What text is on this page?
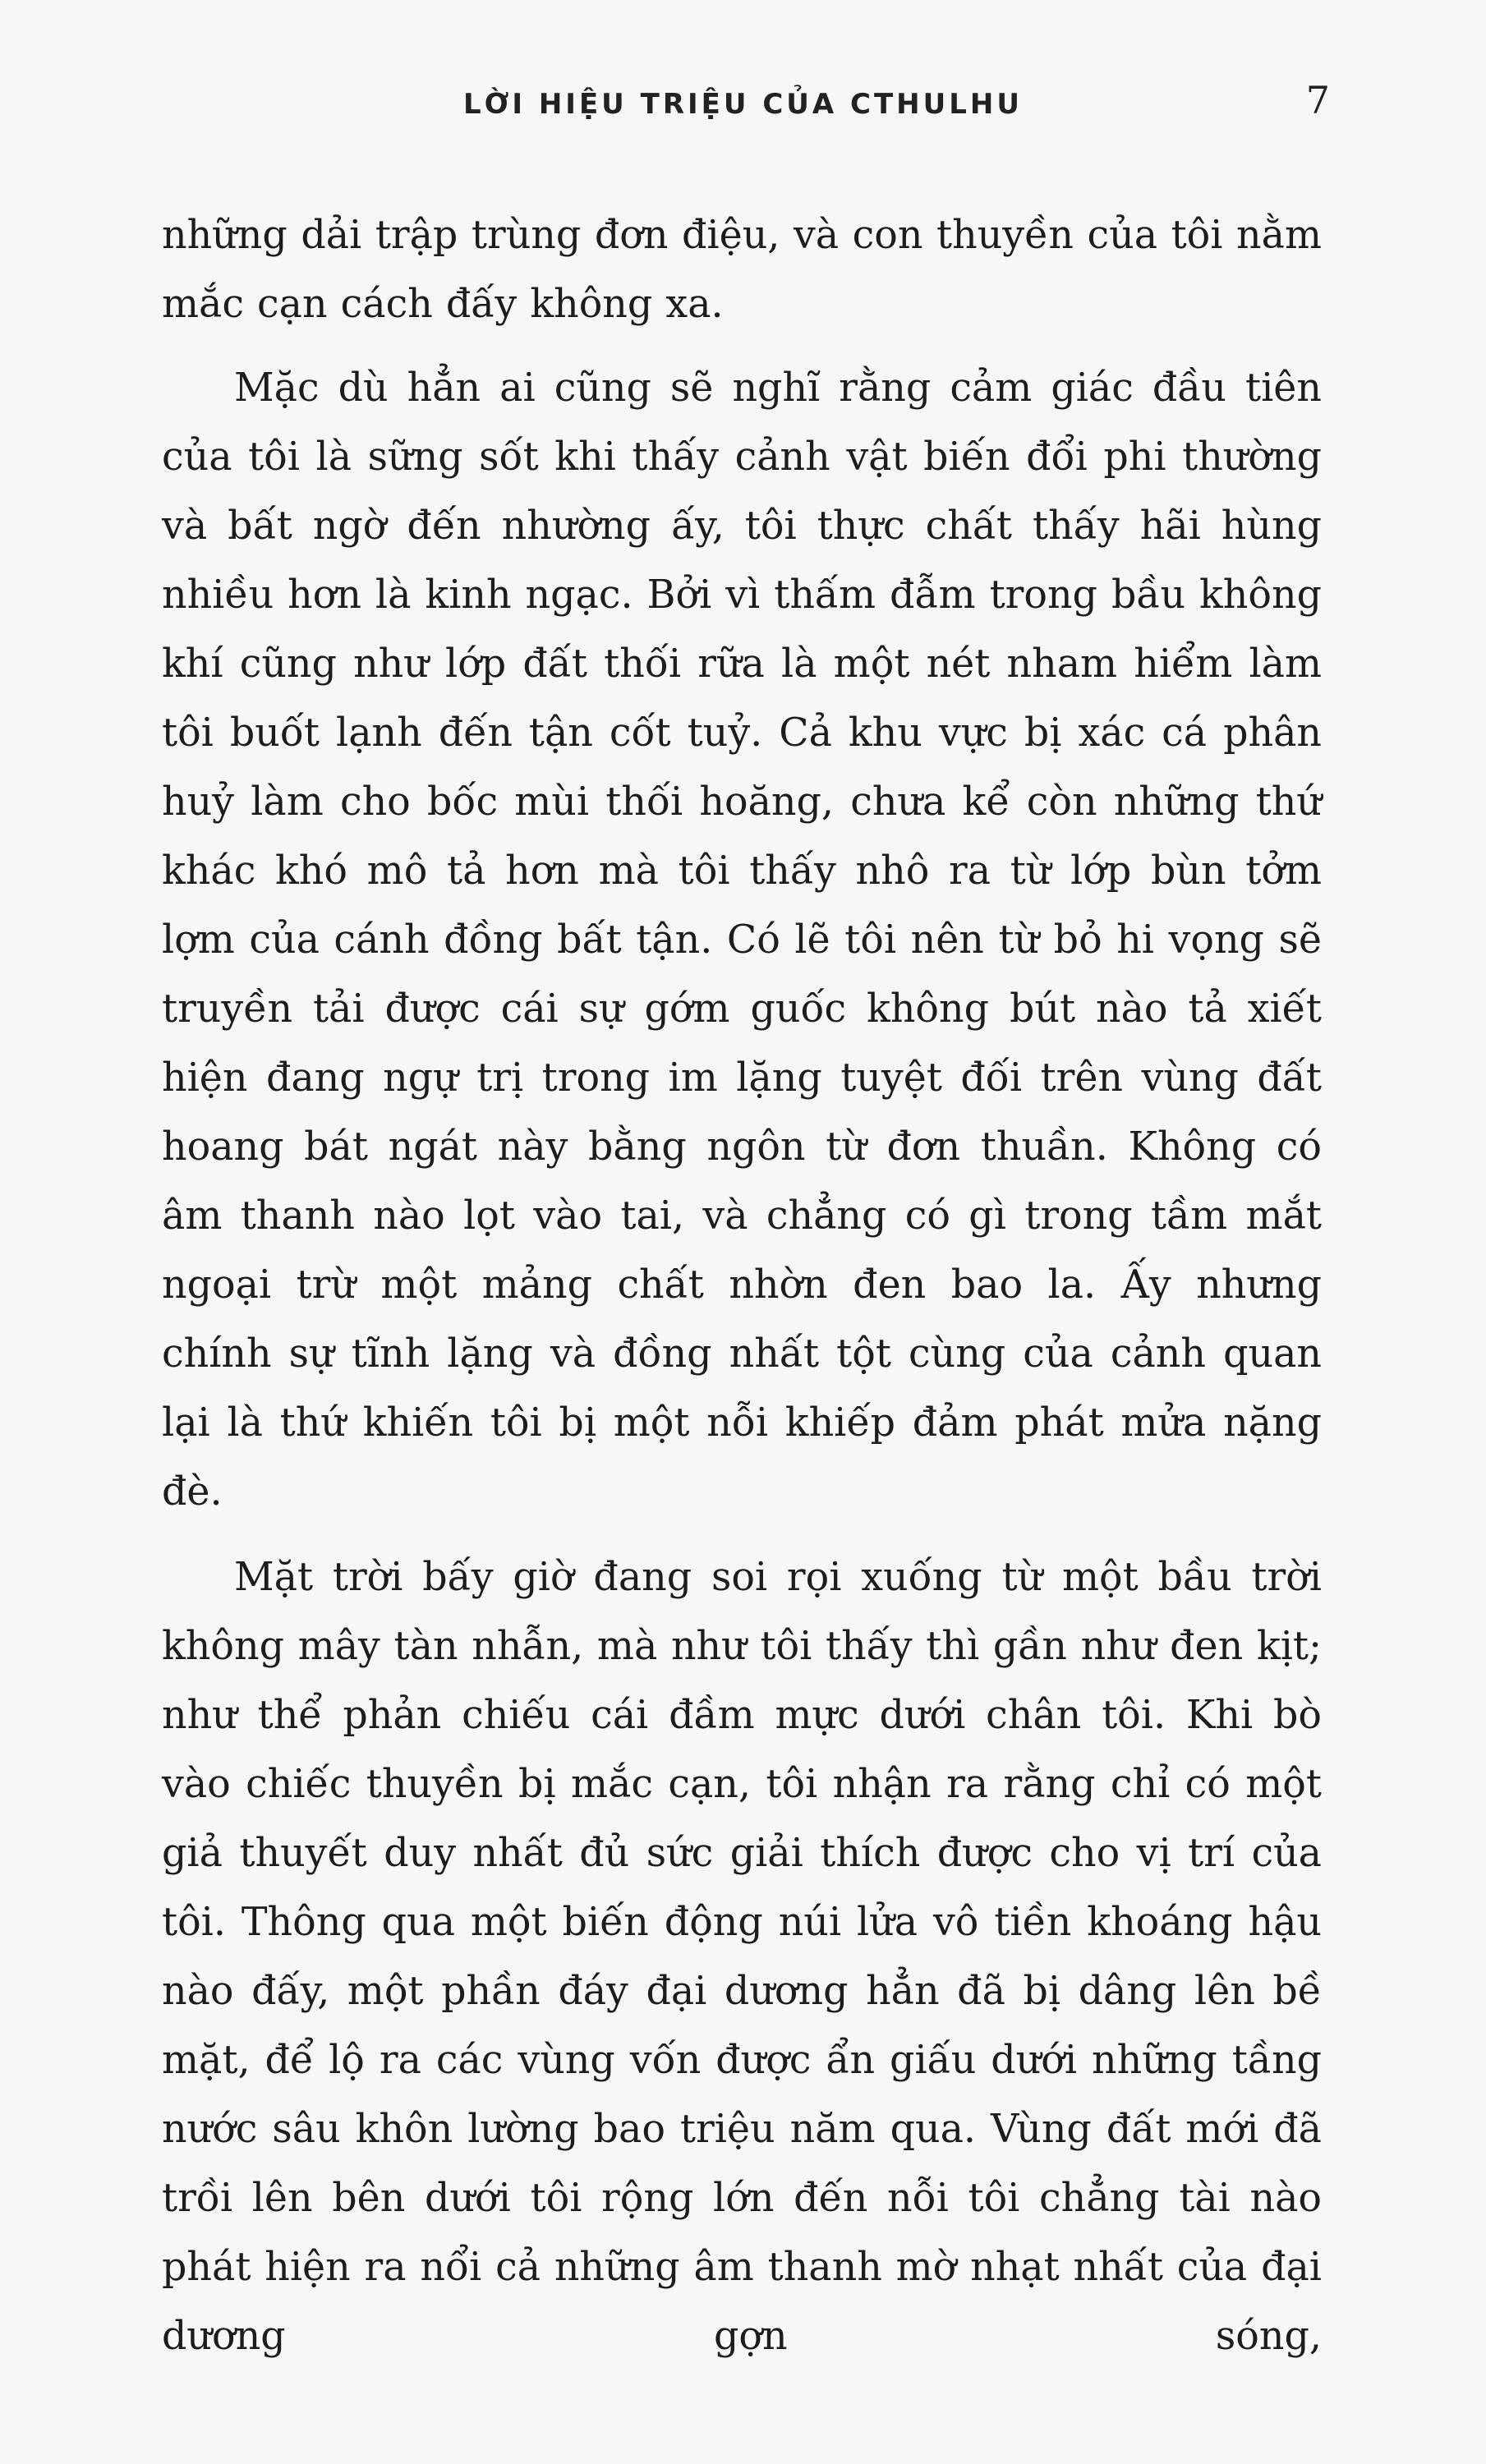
LỜI HIỆU TRIỆU CỦA CTHULHU	7

những dải trập trùng đơn điệu, và con thuyền của tôi nằm mắc cạn cách đấy không xa.

Mặc dù hẳn ai cũng sẽ nghĩ rằng cảm giác đầu tiên của tôi là sững sốt khi thấy cảnh vật biến đổi phi thường và bất ngờ đến nhường ấy, tôi thực chất thấy hãi hùng nhiều hơn là kinh ngạc. Bởi vì thấm đẫm trong bầu không khí cũng như lớp đất thối rữa là một nét nham hiểm làm tôi buốt lạnh đến tận cốt tuỷ. Cả khu vực bị xác cá phân huỷ làm cho bốc mùi thối hoăng, chưa kể còn những thứ khác khó mô tả hơn mà tôi thấy nhô ra từ lớp bùn tởm lợm của cánh đồng bất tận. Có lẽ tôi nên từ bỏ hi vọng sẽ truyền tải được cái sự gớm guốc không bút nào tả xiết hiện đang ngự trị trong im lặng tuyệt đối trên vùng đất hoang bát ngát này bằng ngôn từ đơn thuần. Không có âm thanh nào lọt vào tai, và chẳng có gì trong tầm mắt ngoại trừ một mảng chất nhờn đen bao la. Ấy nhưng chính sự tĩnh lặng và đồng nhất tột cùng của cảnh quan lại là thứ khiến tôi bị một nỗi khiếp đảm phát mửa nặng đè.

Mặt trời bấy giờ đang soi rọi xuống từ một bầu trời không mây tàn nhẫn, mà như tôi thấy thì gần như đen kịt; như thể phản chiếu cái đầm mực dưới chân tôi. Khi bò vào chiếc thuyền bị mắc cạn, tôi nhận ra rằng chỉ có một giả thuyết duy nhất đủ sức giải thích được cho vị trí của tôi. Thông qua một biến động núi lửa vô tiền khoáng hậu nào đấy, một phần đáy đại dương hẳn đã bị dâng lên bề mặt, để lộ ra các vùng vốn được ẩn giấu dưới những tầng nước sâu khôn lường bao triệu năm qua. Vùng đất mới đã trồi lên bên dưới tôi rộng lớn đến nỗi tôi chẳng tài nào phát hiện ra nổi cả những âm thanh mờ nhạt nhất của đại dương gợn sóng,
